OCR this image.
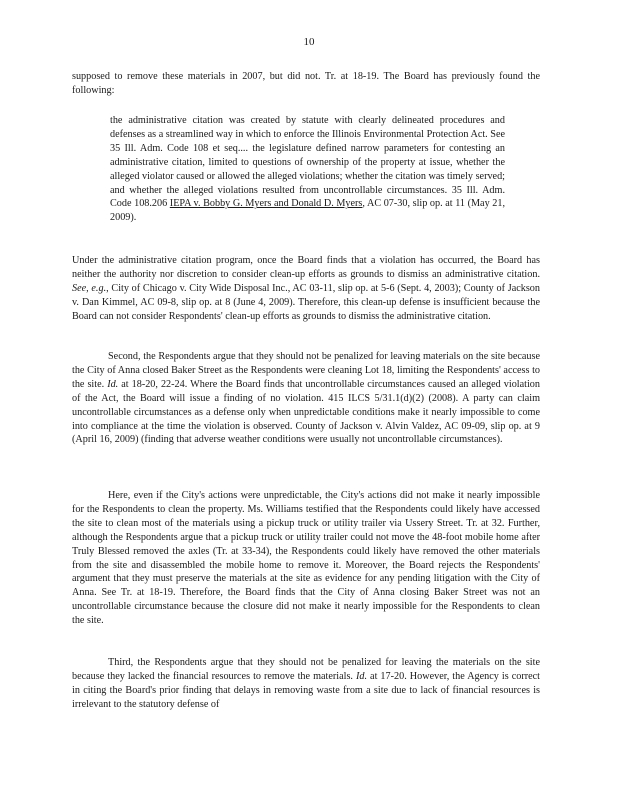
10

supposed to remove these materials in 2007, but did not. Tr. at 18-19. The Board has previously found the following:

the administrative citation was created by statute with clearly delineated procedures and defenses as a streamlined way in which to enforce the Illinois Environmental Protection Act. See 35 Ill. Adm. Code 108 et seq.... the legislature defined narrow parameters for contesting an administrative citation, limited to questions of ownership of the property at issue, whether the alleged violator caused or allowed the alleged violations; whether the citation was timely served; and whether the alleged violations resulted from uncontrollable circumstances. 35 Ill. Adm. Code 108.206 IEPA v. Bobby G. Myers and Donald D. Myers, AC 07-30, slip op. at 11 (May 21, 2009).

Under the administrative citation program, once the Board finds that a violation has occurred, the Board has neither the authority nor discretion to consider clean-up efforts as grounds to dismiss an administrative citation. See, e.g., City of Chicago v. City Wide Disposal Inc., AC 03-11, slip op. at 5-6 (Sept. 4, 2003); County of Jackson v. Dan Kimmel, AC 09-8, slip op. at 8 (June 4, 2009). Therefore, this clean-up defense is insufficient because the Board can not consider Respondents' clean-up efforts as grounds to dismiss the administrative citation.

Second, the Respondents argue that they should not be penalized for leaving materials on the site because the City of Anna closed Baker Street as the Respondents were cleaning Lot 18, limiting the Respondents' access to the site. Id. at 18-20, 22-24. Where the Board finds that uncontrollable circumstances caused an alleged violation of the Act, the Board will issue a finding of no violation. 415 ILCS 5/31.1(d)(2) (2008). A party can claim uncontrollable circumstances as a defense only when unpredictable conditions make it nearly impossible to come into compliance at the time the violation is observed. County of Jackson v. Alvin Valdez, AC 09-09, slip op. at 9 (April 16, 2009) (finding that adverse weather conditions were usually not uncontrollable circumstances).

Here, even if the City's actions were unpredictable, the City's actions did not make it nearly impossible for the Respondents to clean the property. Ms. Williams testified that the Respondents could likely have accessed the site to clean most of the materials using a pickup truck or utility trailer via Ussery Street. Tr. at 32. Further, although the Respondents argue that a pickup truck or utility trailer could not move the 48-foot mobile home after Truly Blessed removed the axles (Tr. at 33-34), the Respondents could likely have removed the other materials from the site and disassembled the mobile home to remove it. Moreover, the Board rejects the Respondents' argument that they must preserve the materials at the site as evidence for any pending litigation with the City of Anna. See Tr. at 18-19. Therefore, the Board finds that the City of Anna closing Baker Street was not an uncontrollable circumstance because the closure did not make it nearly impossible for the Respondents to clean the site.

Third, the Respondents argue that they should not be penalized for leaving the materials on the site because they lacked the financial resources to remove the materials. Id. at 17-20. However, the Agency is correct in citing the Board's prior finding that delays in removing waste from a site due to lack of financial resources is irrelevant to the statutory defense of
